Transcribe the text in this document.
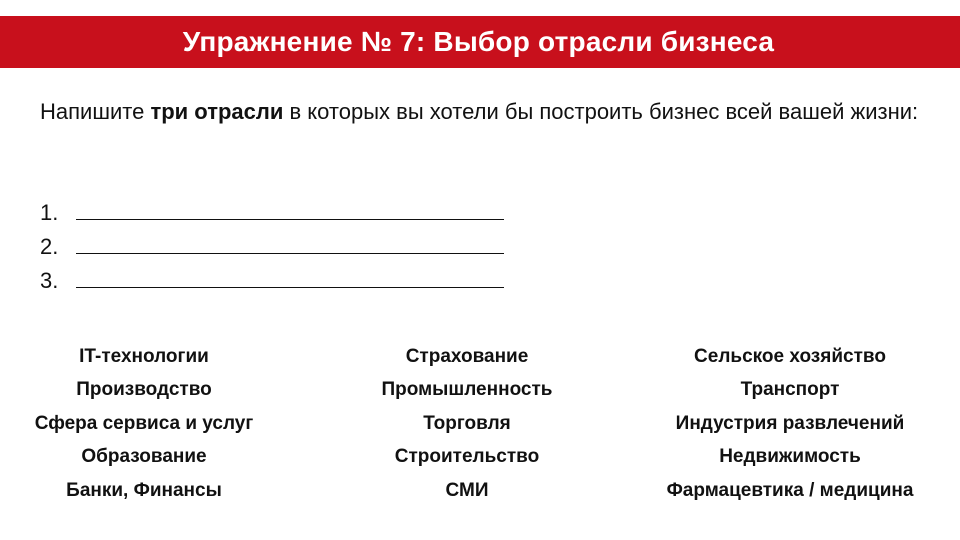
Упражнение № 7: Выбор отрасли бизнеса
Напишите три отрасли в которых вы хотели бы построить бизнес всей вашей жизни:
1.
2.
3.
IT-технологии
Производство
Сфера сервиса и услуг
Образование
Банки, Финансы
Страхование
Промышленность
Торговля
Строительство
СМИ
Сельское хозяйство
Транспорт
Индустрия развлечений
Недвижимость
Фармацевтика / медицина
